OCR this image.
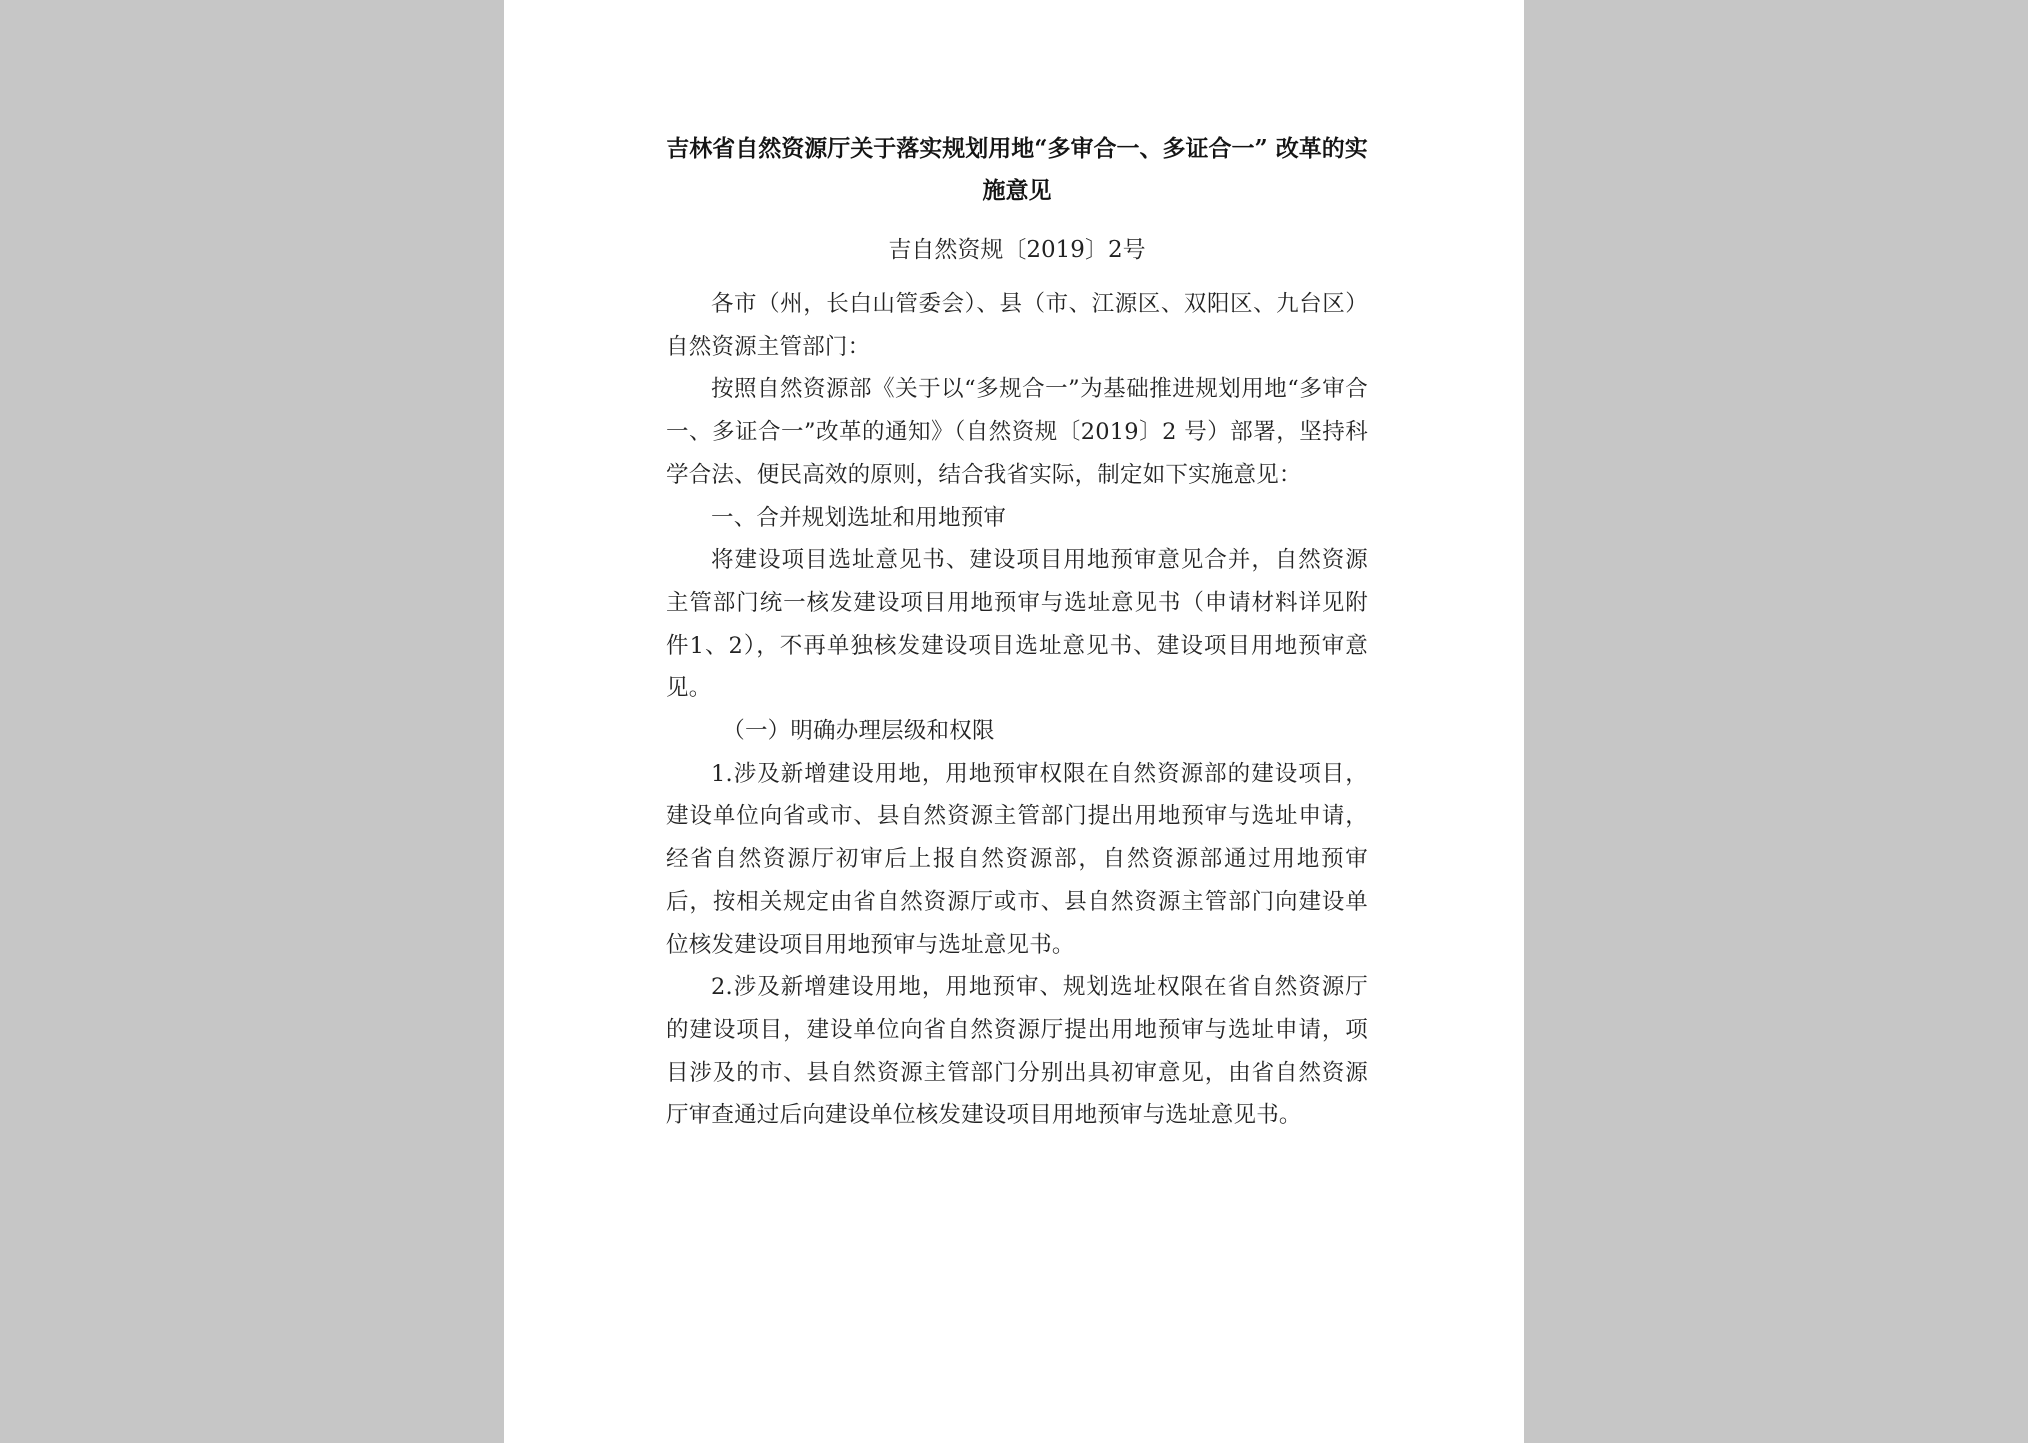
吉林省自然资源厅关于落实规划用地“多审合一、多证合一” 改革的实施意见
吉自然资规〔2019〕2号

各市（州，长白山管委会）、县（市、江源区、双阳区、九台区）自然资源主管部门：

按照自然资源部《关于以“多规合一”为基础推进规划用地“多审合一、多证合一”改革的通知》（自然资规〔2019〕2 号）部署，坚持科学合法、便民高效的原则，结合我省实际，制定如下实施意见：

一、合并规划选址和用地预审

将建设项目选址意见书、建设项目用地预审意见合并，自然资源主管部门统一核发建设项目用地预审与选址意见书（申请材料详见附件1、2），不再单独核发建设项目选址意见书、建设项目用地预审意见。

（一）明确办理层级和权限

1.涉及新增建设用地，用地预审权限在自然资源部的建设项目，建设单位向省或市、县自然资源主管部门提出用地预审与选址申请，经省自然资源厅初审后上报自然资源部，自然资源部通过用地预审后，按相关规定由省自然资源厅或市、县自然资源主管部门向建设单位核发建设项目用地预审与选址意见书。

2.涉及新增建设用地，用地预审、规划选址权限在省自然资源厅的建设项目，建设单位向省自然资源厅提出用地预审与选址申请，项目涉及的市、县自然资源主管部门分别出具初审意见，由省自然资源厅审查通过后向建设单位核发建设项目用地预审与选址意见书。
